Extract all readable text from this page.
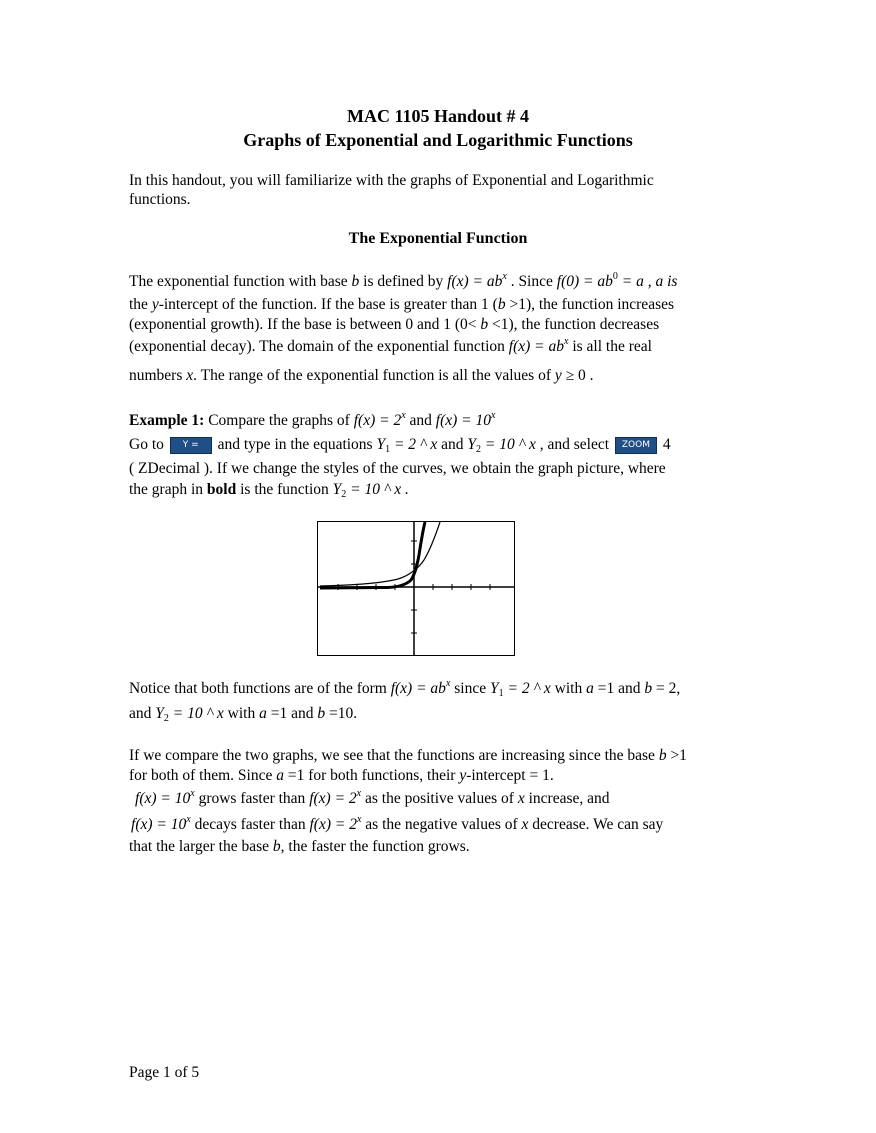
MAC 1105 Handout # 4
Graphs of Exponential and Logarithmic Functions
In this handout, you will familiarize with the graphs of Exponential and Logarithmic
functions.
The Exponential Function
The exponential function with base b is defined by $f(x) = ab^x$ . Since $f(0) = ab^0 = a$ , a is
the y-intercept of the function. If the base is greater than 1 (b >1), the function increases
(exponential growth). If the base is between 0 and 1 (0< b <1), the function decreases
(exponential decay). The domain of the exponential function $f(x) = ab^x$ is all the real
numbers x. The range of the exponential function is all the values of y ≥ 0 .
Example 1: Compare the graphs of $f(x) = 2^x$ and $f(x) = 10^x$
Go to Y = and type in the equations $Y_1 = 2$ ^ x and $Y_2 = 10$ ^ x , and select ZOOM 4
( ZDecimal ). If we change the styles of the curves, we obtain the graph picture, where
the graph in bold is the function $Y_2 = 10$ ^ x .
Notice that both functions are of the form $f(x) = ab^x$ since $Y_1 = 2$ ^ x with a =1 and b = 2,
and $Y_2 = 10$ ^ x with a =1 and b =10.
If we compare the two graphs, we see that the functions are increasing since the base b >1
for both of them. Since a =1 for both functions, their y-intercept = 1.
$f(x) = 10^x$ grows faster than $f(x) = 2^x$ as the positive values of x increase, and
$f(x) = 10^x$ decays faster than $f(x) = 2^x$ as the negative values of x decrease. We can say
that the larger the base b, the faster the function grows.
Page 1 of 5
